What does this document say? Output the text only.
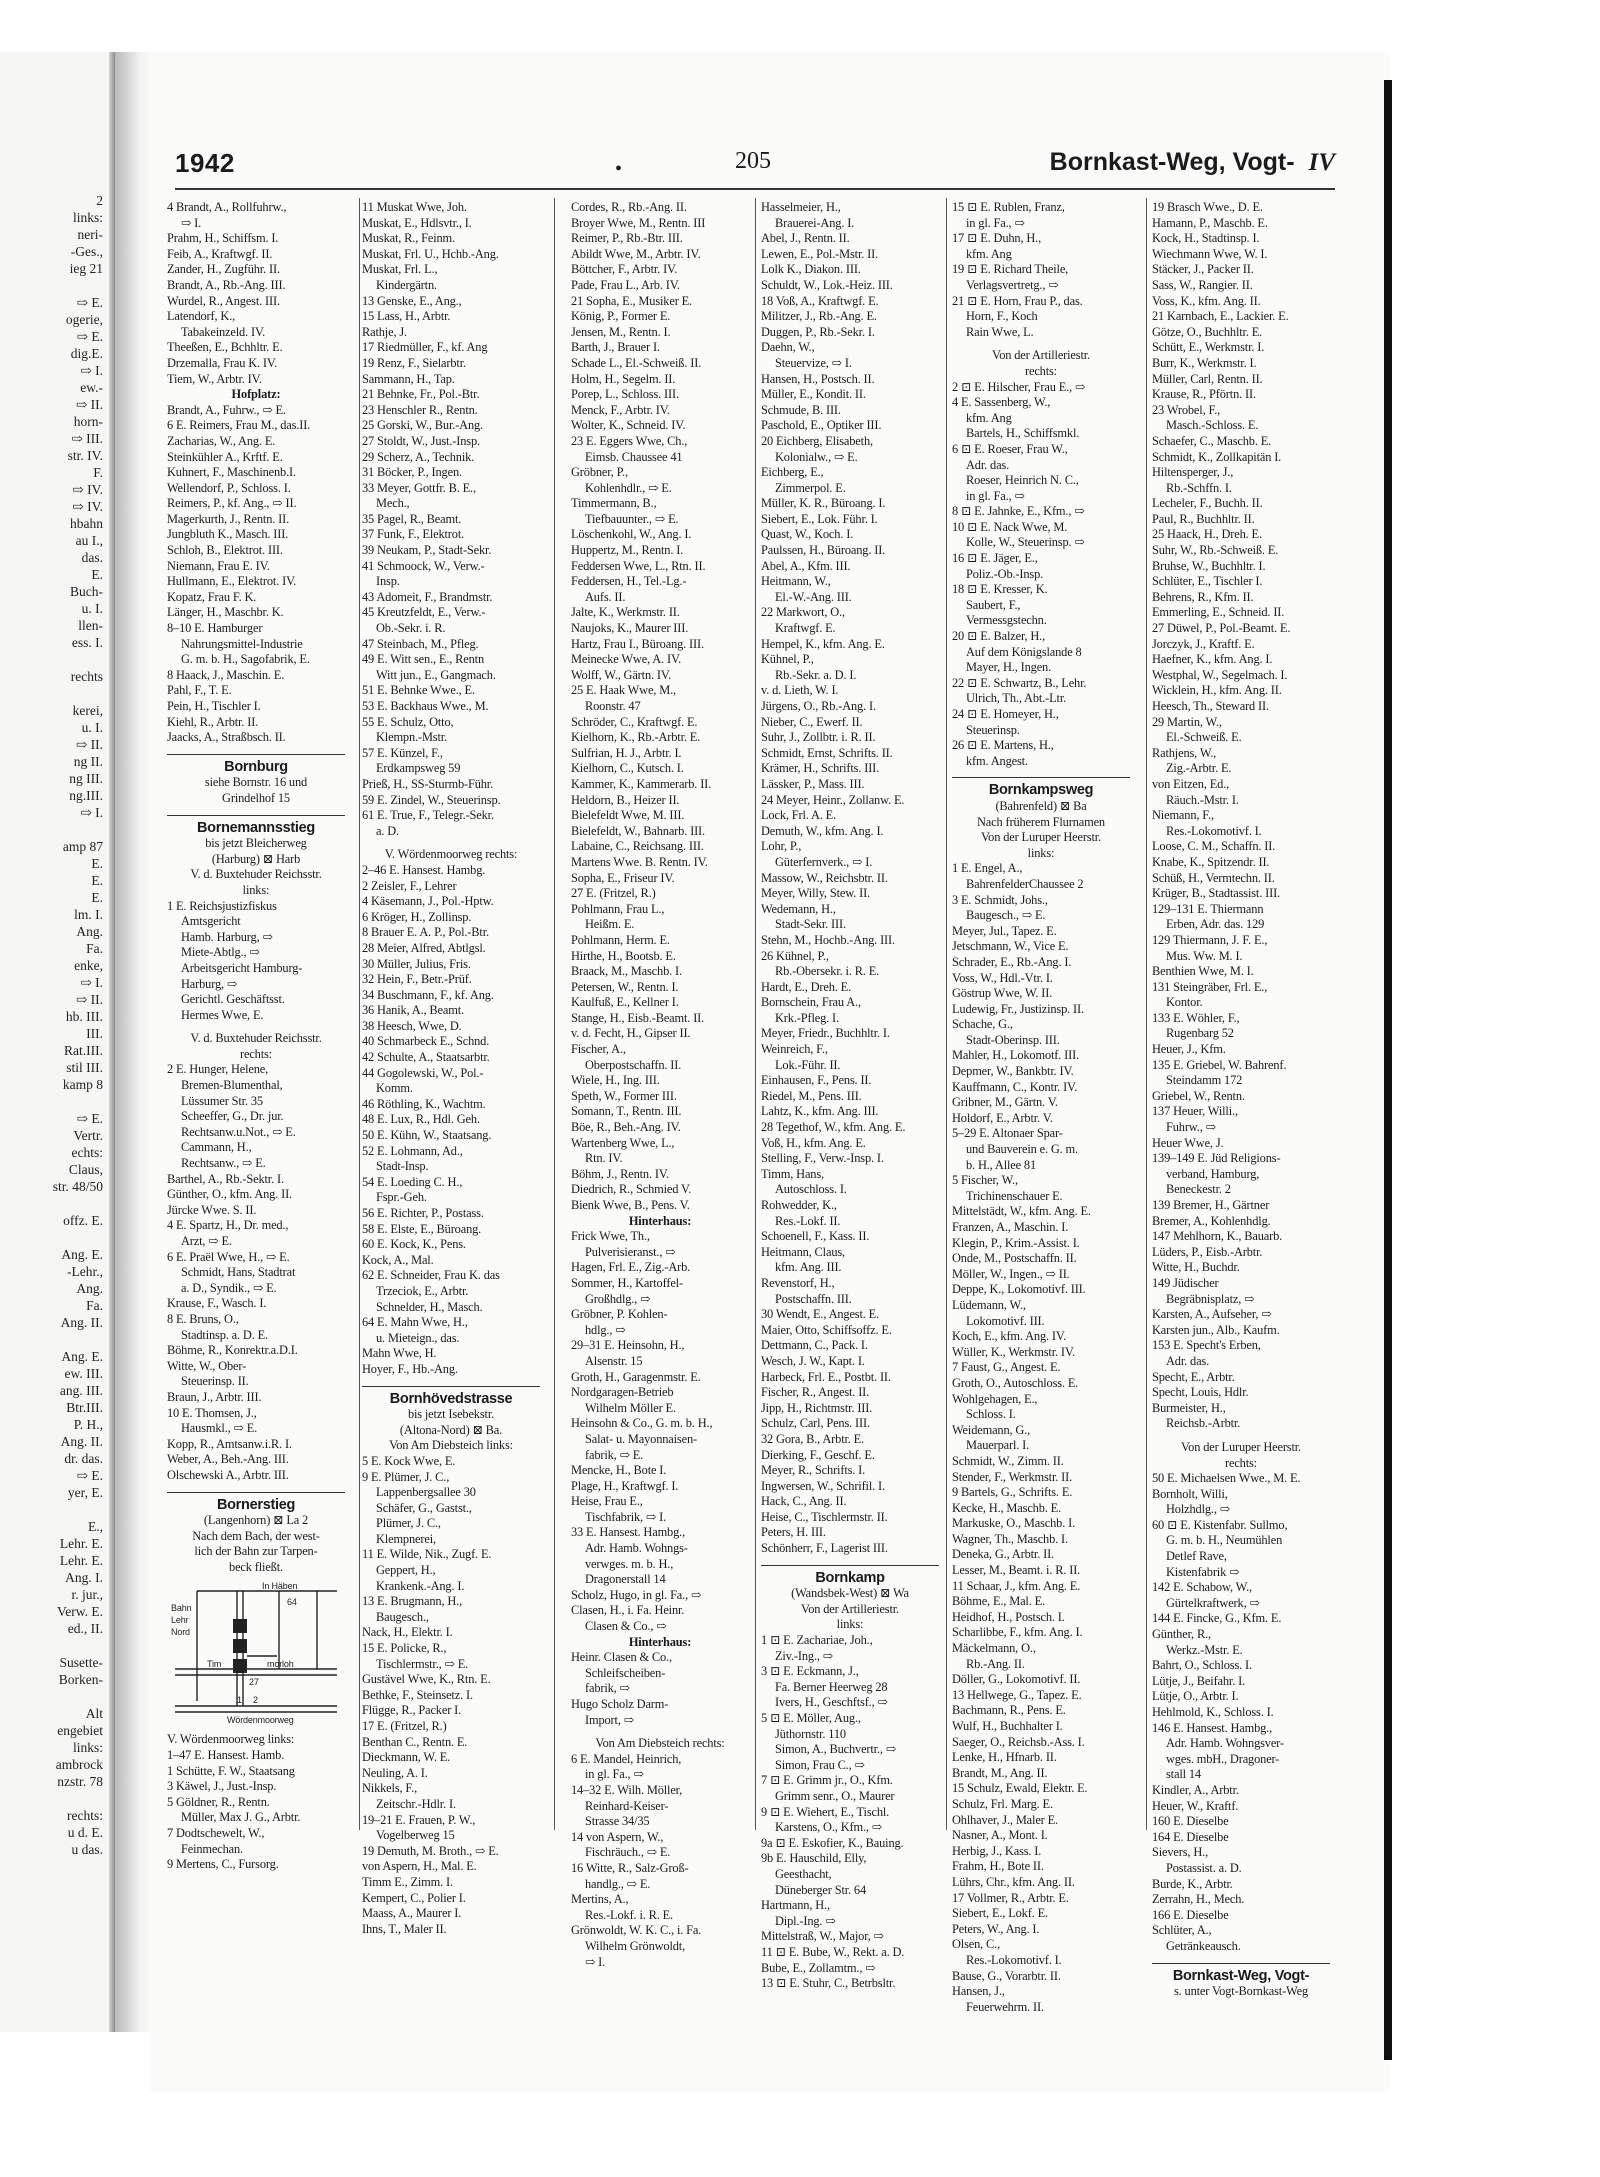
2
links:
neri-
-Ges.,
ieg 21
⇨ E.
ogerie,
⇨ E.
dig.E.
⇨ I.
ew.-
⇨ II.
horn-
⇨ III.
str. IV.
F.
⇨ IV.
⇨ IV.
hbahn
au I.,
das.
E.
Buch-
u. I.
llen-
ess. I.
rechts
kerei,
u. I.
⇨ II.
ng II.
ng III.
ng.III.
⇨ I.
amp 87
E.
E.
E.
lm. I.
Ang.
Fa.
enke,
⇨ I.
⇨ II.
hb. III.
III.
Rat.III.
stil III.
kamp 8
⇨ E.
Vertr.
echts:
Claus,
str. 48/50
offz. E.
Ang. E.
-Lehr.,
Ang.
Fa.
Ang. II.
Ang. E.
ew. III.
ang. III.
Btr.III.
P. H.,
Ang. II.
dr. das.
⇨ E.
yer, E.
E.,
Lehr. E.
Lehr. E.
Ang. I.
r. jur.,
Verw. E.
ed., II.
Susette-
Borken-
Alt
engebiet
links:
ambrock
nzstr. 78
rechts:
u d. E.
u das.
1942	•	205	Bornkast-Weg, Vogt- IV
4 Brandt, A., Rollfuhrw.,
⇨ I.
Prahm, H., Schiffsm. I.
Feib, A., Kraftwgf. II.
Zander, H., Zugführ. II.
Brandt, A., Rb.-Ang. III.
Wurdel, R., Angest. III.
Latendorf, K.,
Tabakeinzeld. IV.
Theeßen, E., Bchhltr. E.
Drzemalla, Frau K. IV.
Tiem, W., Arbtr. IV.
Hofplatz:
Brandt, A., Fuhrw., ⇨ E.
6 E. Reimers, Frau M., das.II.
Zacharias, W., Ang. E.
Steinkühler A., Krftf. E.
Kuhnert, F., Maschinenb.I.
Wellendorf, P., Schloss. I.
Reimers, P., kf. Ang., ⇨ II.
Magerkurth, J., Rentn. II.
Jungbluth K., Masch. III.
Schloh, B., Elektrot. III.
Niemann, Frau E. IV.
Hullmann, E., Elektrot. IV.
Kopatz, Frau F. K.
Länger, H., Maschbr. K.
8–10 E. Hamburger
Nahrungsmittel-Industrie
G. m. b. H., Sagofabrik, E.
8 Haack, J., Maschin. E.
Pahl, F., T. E.
Pein, H., Tischler I.
Kiehl, R., Arbtr. II.
Jaacks, A., Straßbsch. II.
Bornburg
siehe Bornstr. 16 und
Grindelhof 15
Bornemannsstieg
bis jetzt Bleicherweg
(Harburg) ⊠ Harb
V. d. Buxtehuder Reichsstr.
links:
1 E. Reichsjustizfiskus
Amtsgericht
Hamb. Harburg, ⇨
Miete-Abtlg., ⇨
Arbeitsgericht Hamburg-
Harburg, ⇨
Gerichtl. Geschäftsst.
Hermes Wwe, E.
V. d. Buxtehuder Reichsstr.
rechts:
2 E. Hunger, Helene,
Bremen-Blumenthal,
Lüssumer Str. 35
Scheeffer, G., Dr. jur.
Rechtsanw.u.Not., ⇨ E.
Cammann, H.,
Rechtsanw., ⇨ E.
Barthel, A., Rb.-Sektr. I.
Günther, O., kfm. Ang. II.
Jürcke Wwe. S. II.
4 E. Spartz, H., Dr. med.,
Arzt, ⇨ E.
6 E. Praël Wwe, H., ⇨ E.
Schmidt, Hans, Stadtrat
a. D., Syndik., ⇨ E.
Krause, F., Wasch. I.
8 E. Bruns, O.,
Stadtinsp. a. D. E.
Böhme, R., Konrektr.a.D.I.
Witte, W., Ober-
Steuerinsp. II.
Braun, J., Arbtr. III.
10 E. Thomsen, J.,
Hausmkl., ⇨ E.
Kopp, R., Amtsanw.i.R. I.
Weber, A., Beh.-Ang. III.
Olschewski A., Arbtr. III.
Bornerstieg
(Langenhorn) ⊠ La 2
Nach dem Bach, der west-
lich der Bahn zur Tarpen-
beck fließt.
In Häben
Bahn
Lehr
Nord
Tim	morloh
Wördenmoorweg
64
27
2
1
V. Wördenmoorweg links:
1–47 E. Hansest. Hamb.
1 Schütte, F. W., Staatsang
3 Käwel, J., Just.-Insp.
5 Göldner, R., Rentn.
Müller, Max J. G., Arbtr.
7 Dodtschewelt, W.,
Feinmechan.
9 Mertens, C., Fursorg.
11 Muskat Wwe, Joh.
Muskat, E., Hdlsvtr., I.
Muskat, R., Feinm.
Muskat, Frl. U., Hchb.-Ang.
Muskat, Frl. L.,
Kindergärtn.
13 Genske, E., Ang.,
15 Lass, H., Arbtr.
Rathje, J.
17 Riedmüller, F., kf. Ang
19 Renz, F., Sielarbtr.
Sammann, H., Tap.
21 Behnke, Fr., Pol.-Btr.
23 Henschler R., Rentn.
25 Gorski, W., Bur.-Ang.
27 Stoldt, W., Just.-Insp.
29 Scherz, A., Technik.
31 Böcker, P., Ingen.
33 Meyer, Gottfr. B. E.,
Mech.,
35 Pagel, R., Beamt.
37 Funk, F., Elektrot.
39 Neukam, P., Stadt-Sekr.
41 Schmoock, W., Verw.-
Insp.
43 Adomeit, F., Brandmstr.
45 Kreutzfeldt, E., Verw.-
Ob.-Sekr. i. R.
47 Steinbach, M., Pfleg.
49 E. Witt sen., E., Rentn
Witt jun., E., Gangmach.
51 E. Behnke Wwe., E.
53 E. Backhaus Wwe., M.
55 E. Schulz, Otto,
Klempn.-Mstr.
57 E. Künzel, F.,
Erdkampsweg 59
Prieß, H., SS-Sturmb-Führ.
59 E. Zindel, W., Steuerinsp.
61 E. True, F., Telegr.-Sekr.
a. D.
V. Wördenmoorweg rechts:
2–46 E. Hansest. Hambg.
2 Zeisler, F., Lehrer
4 Käsemann, J., Pol.-Hptw.
6 Kröger, H., Zollinsp.
8 Brauer E. A. P., Pol.-Btr.
28 Meier, Alfred, Abtlgsl.
30 Müller, Julius, Fris.
32 Hein, F., Betr.-Prüf.
34 Buschmann, F., kf. Ang.
36 Hanik, A., Beamt.
38 Heesch, Wwe, D.
40 Schmarbeck E., Schnd.
42 Schulte, A., Staatsarbtr.
44 Gogolewski, W., Pol.-
Komm.
46 Röthling, K., Wachtm.
48 E. Lux, R., Hdl. Geh.
50 E. Kühn, W., Staatsang.
52 E. Lohmann, Ad.,
Stadt-Insp.
54 E. Loeding C. H.,
Fspr.-Geh.
56 E. Richter, P., Postass.
58 E. Elste, E., Büroang.
60 E. Kock, K., Pens.
Kock, A., Mal.
62 E. Schneider, Frau K. das
Trzeciok, E., Arbtr.
Schnelder, H., Masch.
64 E. Mahn Wwe, H.,
u. Mieteign., das.
Mahn Wwe, H.
Hoyer, F., Hb.-Ang.
Bornhövedstrasse
bis jetzt Isebekstr.
(Altona-Nord) ⊠ Ba.
Von Am Diebsteich links:
5 E. Kock Wwe, E.
9 E. Plümer, J. C.,
Lappenbergsallee 30
Schäfer, G., Gastst.,
Plümer, J. C.,
Klempnerei,
11 E. Wilde, Nik., Zugf. E.
Geppert, H.,
Krankenk.-Ang. I.
13 E. Brugmann, H.,
Baugesch.,
Nack, H., Elektr. I.
15 E. Policke, R.,
Tischlermstr., ⇨ E.
Gustävel Wwe, K., Rtn. E.
Bethke, F., Steinsetz. I.
Flügge, R., Packer I.
17 E. (Fritzel, R.)
Benthan C., Rentn. E.
Dieckmann, W. E.
Neuling, A. I.
Nikkels, F.,
Zeitschr.-Hdlr. I.
19–21 E. Frauen, P. W.,
Vogelberweg 15
19 Demuth, M. Broth., ⇨ E.
von Aspern, H., Mal. E.
Timm E., Zimm. I.
Kempert, C., Polier I.
Maass, A., Maurer I.
Ihns, T., Maler II.
Cordes, R., Rb.-Ang. II.
Broyer Wwe, M., Rentn. III
Reimer, P., Rb.-Btr. III.
Abildt Wwe, M., Arbtr. IV.
Böttcher, F., Arbtr. IV.
Pade, Frau L., Arb. IV.
21 Sopha, E., Musiker E.
König, P., Former E.
Jensen, M., Rentn. I.
Barth, J., Brauer I.
Schade L., El.-Schweiß. II.
Holm, H., Segelm. II.
Porep, L., Schloss. III.
Menck, F., Arbtr. IV.
Wolter, K., Schneid. IV.
23 E. Eggers Wwe, Ch.,
Eimsb. Chaussee 41
Gröbner, P.,
Kohlenhdlr., ⇨ E.
Timmermann, B.,
Tiefbauunter., ⇨ E.
Löschenkohl, W., Ang. I.
Huppertz, M., Rentn. I.
Feddersen Wwe, L., Rtn. II.
Feddersen, H., Tel.-Lg.-
Aufs. II.
Jalte, K., Werkmstr. II.
Naujoks, K., Maurer III.
Hartz, Frau I., Büroang. III.
Meinecke Wwe, A. IV.
Wolff, W., Gärtn. IV.
25 E. Haak Wwe, M.,
Roonstr. 47
Schröder, C., Kraftwgf. E.
Kielhorn, K., Rb.-Arbtr. E.
Sulfrian, H. J., Arbtr. I.
Kielhorn, C., Kutsch. I.
Kammer, K., Kammerarb. II.
Heldorn, B., Heizer II.
Bielefeldt Wwe, M. III.
Bielefeldt, W., Bahnarb. III.
Labaine, C., Reichsang. III.
Martens Wwe. B. Rentn. IV.
Sopha, E., Friseur IV.
27 E. (Fritzel, R.)
Pohlmann, Frau L.,
Heißm. E.
Pohlmann, Herm. E.
Hirthe, H., Bootsb. E.
Braack, M., Maschb. I.
Petersen, W., Rentn. I.
Kaulfuß, E., Kellner I.
Stange, H., Eisb.-Beamt. II.
v. d. Fecht, H., Gipser II.
Fischer, A.,
Oberpostschaffn. II.
Wiele, H., Ing. III.
Speth, W., Former III.
Somann, T., Rentn. III.
Böe, R., Beh.-Ang. IV.
Wartenberg Wwe, L.,
Rtn. IV.
Böhm, J., Rentn. IV.
Diedrich, R., Schmied V.
Bienk Wwe, B., Pens. V.
Hinterhaus:
Frick Wwe, Th.,
Pulverisieranst., ⇨
Hagen, Frl. E., Zig.-Arb.
Sommer, H., Kartoffel-
Großhdlg., ⇨
Gröbner, P. Kohlen-
hdlg., ⇨
29–31 E. Heinsohn, H.,
Alsenstr. 15
Groth, H., Garagenmstr. E.
Nordgaragen-Betrieb
Wilhelm Möller E.
Heinsohn & Co., G. m. b. H.,
Salat- u. Mayonnaisen-
fabrik, ⇨ E.
Mencke, H., Bote I.
Plage, H., Kraftwgf. I.
Heise, Frau E.,
Tischfabrik, ⇨ I.
33 E. Hansest. Hambg.,
Adr. Hamb. Wohngs-
verwges. m. b. H.,
Dragonerstall 14
Scholz, Hugo, in gl. Fa., ⇨
Clasen, H., i. Fa. Heinr.
Clasen & Co., ⇨
Hinterhaus:
Heinr. Clasen & Co.,
Schleifscheiben-
fabrik, ⇨
Hugo Scholz Darm-
Import, ⇨
Von Am Diebsteich rechts:
6 E. Mandel, Heinrich,
in gl. Fa., ⇨
14–32 E. Wilh. Möller,
Reinhard-Keiser-
Strasse 34/35
14 von Aspern, W.,
Fischräuch., ⇨ E.
16 Witte, R., Salz-Groß-
handlg., ⇨ E.
Mertins, A.,
Res.-Lokf. i. R. E.
Grönwoldt, W. K. C., i. Fa.
Wilhelm Grönwoldt,
⇨ I.
Hasselmeier, H.,
Brauerei-Ang. I.
Abel, J., Rentn. II.
Lewen, E., Pol.-Mstr. II.
Lolk K., Diakon. III.
Schuldt, W., Lok.-Heiz. III.
18 Voß, A., Kraftwgf. E.
Militzer, J., Rb.-Ang. E.
Duggen, P., Rb.-Sekr. I.
Daehn, W.,
Steuervize, ⇨ I.
Hansen, H., Postsch. II.
Müller, E., Kondit. II.
Schmude, B. III.
Paschold, E., Optiker III.
20 Eichberg, Elisabeth,
Kolonialw., ⇨ E.
Eichberg, E.,
Zimmerpol. E.
Müller, K. R., Büroang. I.
Siebert, E., Lok. Führ. I.
Quast, W., Koch. I.
Paulssen, H., Büroang. II.
Abel, A., Kfm. III.
Heitmann, W.,
El.-W.-Ang. III.
22 Markwort, O.,
Kraftwgf. E.
Hempel, K., kfm. Ang. E.
Kühnel, P.,
Rb.-Sekr. a. D. I.
v. d. Lieth, W. I.
Jürgens, O., Rb.-Ang. I.
Nieber, C., Ewerf. II.
Suhr, J., Zollbtr. i. R. II.
Schmidt, Ernst, Schrifts. II.
Krämer, H., Schrifts. III.
Lässker, P., Mass. III.
24 Meyer, Heinr., Zollanw. E.
Lock, Frl. A. E.
Demuth, W., kfm. Ang. I.
Lohr, P.,
Güterfernverk., ⇨ I.
Massow, W., Reichsbtr. II.
Meyer, Willy, Stew. II.
Wedemann, H.,
Stadt-Sekr. III.
Stehn, M., Hochb.-Ang. III.
26 Kühnel, P.,
Rb.-Obersekr. i. R. E.
Hardt, E., Dreh. E.
Bornschein, Frau A.,
Krk.-Pfleg. I.
Meyer, Friedr., Buchhltr. I.
Weinreich, F.,
Lok.-Führ. II.
Einhausen, F., Pens. II.
Riedel, M., Pens. III.
Lahtz, K., kfm. Ang. III.
28 Tegethof, W., kfm. Ang. E.
Voß, H., kfm. Ang. E.
Stelling, F., Verw.-Insp. I.
Timm, Hans,
Autoschloss. I.
Rohwedder, K.,
Res.-Lokf. II.
Schoenell, F., Kass. II.
Heitmann, Claus,
kfm. Ang. III.
Revenstorf, H.,
Postschaffn. III.
30 Wendt, E., Angest. E.
Maier, Otto, Schiffsoffz. E.
Dettmann, C., Pack. I.
Wesch, J. W., Kapt. I.
Harbeck, Frl. E., Postbt. II.
Fischer, R., Angest. II.
Jipp, H., Richtmstr. III.
Schulz, Carl, Pens. III.
32 Gora, B., Arbtr. E.
Dierking, F., Geschf. E.
Meyer, R., Schrifts. I.
Ingwersen, W., Schrifil. I.
Hack, C., Ang. II.
Heise, C., Tischlermstr. II.
Peters, H. III.
Schönherr, F., Lagerist III.
Bornkamp
(Wandsbek-West) ⊠ Wa
Von der Artilleriestr.
links:
1 ⊡ E. Zachariae, Joh.,
Ziv.-Ing., ⇨
3 ⊡ E. Eckmann, J.,
Fa. Berner Heerweg 28
Ivers, H., Geschftsf., ⇨
5 ⊡ E. Möller, Aug.,
Jüthornstr. 110
Simon, A., Buchvertr., ⇨
Simon, Frau C., ⇨
7 ⊡ E. Grimm jr., O., Kfm.
Grimm senr., O., Maurer
9 ⊡ E. Wiehert, E., Tischl.
Karstens, O., Kfm., ⇨
9a ⊡ E. Eskofier, K., Bauing.
9b E. Hauschild, Elly,
Geesthacht,
Düneberger Str. 64
Hartmann, H.,
Dipl.-Ing. ⇨
Mittelstraß, W., Major, ⇨
11 ⊡ E. Bube, W., Rekt. a. D.
Bube, E., Zollamtm., ⇨
13 ⊡ E. Stuhr, C., Betrbsltr.
15 ⊡ E. Rublen, Franz,
in gl. Fa., ⇨
17 ⊡ E. Duhn, H.,
kfm. Ang
19 ⊡ E. Richard Theile,
Verlagsvertretg., ⇨
21 ⊡ E. Horn, Frau P., das.
Horn, F., Koch
Rain Wwe, L.
Von der Artilleriestr.
rechts:
2 ⊡ E. Hilscher, Frau E., ⇨
4 E. Sassenberg, W.,
kfm. Ang
Bartels, H., Schiffsmkl.
6 ⊡ E. Roeser, Frau W.,
Adr. das.
Roeser, Heinrich N. C.,
in gl. Fa., ⇨
8 ⊡ E. Jahnke, E., Kfm., ⇨
10 ⊡ E. Nack Wwe, M.
Kolle, W., Steuerinsp. ⇨
16 ⊡ E. Jäger, E.,
Poliz.-Ob.-Insp.
18 ⊡ E. Kresser, K.
Saubert, F.,
Vermessgstechn.
20 ⊡ E. Balzer, H.,
Auf dem Königslande 8
Mayer, H., Ingen.
22 ⊡ E. Schwartz, B., Lehr.
Ulrich, Th., Abt.-Ltr.
24 ⊡ E. Homeyer, H.,
Steuerinsp.
26 ⊡ E. Martens, H.,
kfm. Angest.
Bornkampsweg
(Bahrenfeld) ⊠ Ba
Nach früherem Flurnamen
Von der Luruper Heerstr.
links:
1 E. Engel, A.,
BahrenfelderChaussee 2
3 E. Schmidt, Johs.,
Baugesch., ⇨ E.
Meyer, Jul., Tapez. E.
Jetschmann, W., Vice E.
Schrader, E., Rb.-Ang. I.
Voss, W., Hdl.-Vtr. I.
Göstrup Wwe, W. II.
Ludewig, Fr., Justizinsp. II.
Schache, G.,
Stadt-Oberinsp. III.
Mahler, H., Lokomotf. III.
Depmer, W., Bankbtr. IV.
Kauffmann, C., Kontr. IV.
Gribner, M., Gärtn. V.
Holdorf, E., Arbtr. V.
5–29 E. Altonaer Spar-
und Bauverein e. G. m.
b. H., Allee 81
5 Fischer, W.,
Trichinenschauer E.
Mittelstädt, W., kfm. Ang. E.
Franzen, A., Maschin. I.
Klegin, P., Krim.-Assist. I.
Onde, M., Postschaffn. II.
Möller, W., Ingen., ⇨ II.
Deppe, K., Lokomotivf. III.
Lüdemann, W.,
Lokomotivf. III.
Koch, E., kfm. Ang. IV.
Wüller, K., Werkmstr. IV.
7 Faust, G., Angest. E.
Groth, O., Autoschloss. E.
Wohlgehagen, E.,
Schloss. I.
Weidemann, G.,
Mauerparl. I.
Schmidt, W., Zimm. II.
Stender, F., Werkmstr. II.
9 Bartels, G., Schrifts. E.
Kecke, H., Maschb. E.
Markuske, O., Maschb. I.
Wagner, Th., Maschb. I.
Deneka, G., Arbtr. II.
Lesser, M., Beamt. i. R. II.
11 Schaar, J., kfm. Ang. E.
Böhme, E., Mal. E.
Heidhof, H., Postsch. I.
Scharlibbe, F., kfm. Ang. I.
Mäckelmann, O.,
Rb.-Ang. II.
Döller, G., Lokomotivf. II.
13 Hellwege, G., Tapez. E.
Bachmann, R., Pens. E.
Wulf, H., Buchhalter I.
Saeger, O., Reichsb.-Ass. I.
Lenke, H., Hfnarb. II.
Brandt, M., Ang. II.
15 Schulz, Ewald, Elektr. E.
Schulz, Frl. Marg. E.
Ohlhaver, J., Maler E.
Nasner, A., Mont. I.
Herbig, J., Kass. I.
Frahm, H., Bote II.
Lührs, Chr., kfm. Ang. II.
17 Vollmer, R., Arbtr. E.
Siebert, E., Lokf. E.
Peters, W., Ang. I.
Olsen, C.,
Res.-Lokomotivf. I.
Bause, G., Vorarbtr. II.
Hansen, J.,
Feuerwehrm. II.
19 Brasch Wwe., D. E.
Hamann, P., Maschb. E.
Kock, H., Stadtinsp. I.
Wiechmann Wwe, W. I.
Stäcker, J., Packer II.
Sass, W., Rangier. II.
Voss, K., kfm. Ang. II.
21 Karnbach, E., Lackier. E.
Götze, O., Buchhltr. E.
Schütt, E., Werkmstr. I.
Burr, K., Werkmstr. I.
Müller, Carl, Rentn. II.
Krause, R., Pförtn. II.
23 Wrobel, F.,
Masch.-Schloss. E.
Schaefer, C., Maschb. E.
Schmidt, K., Zollkapitän I.
Hiltensperger, J.,
Rb.-Schffn. I.
Lecheler, F., Buchh. II.
Paul, R., Buchhltr. II.
25 Haack, H., Dreh. E.
Suhr, W., Rb.-Schweiß. E.
Bruhse, W., Buchhltr. I.
Schlüter, E., Tischler I.
Behrens, R., Kfm. II.
Emmerling, E., Schneid. II.
27 Düwel, P., Pol.-Beamt. E.
Jorczyk, J., Kraftf. E.
Haefner, K., kfm. Ang. I.
Westphal, W., Segelmach. I.
Wicklein, H., kfm. Ang. II.
Heesch, Th., Steward II.
29 Martin, W.,
El.-Schweiß. E.
Rathjens, W.,
Zig.-Arbtr. E.
von Eitzen, Ed.,
Räuch.-Mstr. I.
Niemann, F.,
Res.-Lokomotivf. I.
Loose, C. M., Schaffn. II.
Knabe, K., Spitzendr. II.
Schüß, H., Vermtechn. II.
Krüger, B., Stadtassist. III.
129–131 E. Thiermann
Erben, Adr. das. 129
129 Thiermann, J. F. E.,
Mus. Ww. M. I.
Benthien Wwe, M. I.
131 Steingräber, Frl. E.,
Kontor.
133 E. Wöhler, F.,
Rugenbarg 52
Heuer, J., Kfm.
135 E. Griebel, W. Bahrenf.
Steindamm 172
Griebel, W., Rentn.
137 Heuer, Willi.,
Fuhrw., ⇨
Heuer Wwe, J.
139–149 E. Jüd Religions-
verband, Hamburg,
Beneckestr. 2
139 Bremer, H., Gärtner
Bremer, A., Kohlenhdlg.
147 Mehlhorn, K., Bauarb.
Lüders, P., Eisb.-Arbtr.
Witte, H., Buchdr.
149 Jüdischer
Begräbnisplatz, ⇨
Karsten, A., Aufseher, ⇨
Karsten jun., Alb., Kaufm.
153 E. Specht's Erben,
Adr. das.
Specht, E., Arbtr.
Specht, Louis, Hdlr.
Burmeister, H.,
Reichsb.-Arbtr.
Von der Luruper Heerstr.
rechts:
50 E. Michaelsen Wwe., M. E.
Bornholt, Willi,
Holzhdlg., ⇨
60 ⊡ E. Kistenfabr. Sullmo,
G. m. b. H., Neumühlen
Detlef Rave,
Kistenfabrik ⇨
142 E. Schabow, W.,
Gürtelkraftwerk, ⇨
144 E. Fincke, G., Kfm. E.
Günther, R.,
Werkz.-Mstr. E.
Bahrt, O., Schloss. I.
Lütje, J., Beifahr. I.
Lütje, O., Arbtr. I.
Hehlmold, K., Schloss. I.
146 E. Hansest. Hambg.,
Adr. Hamb. Wohngsver-
wges. mbH., Dragoner-
stall 14
Kindler, A., Arbtr.
Heuer, W., Kraftf.
160 E. Dieselbe
164 E. Dieselbe
Sievers, H.,
Postassist. a. D.
Burde, K., Arbtr.
Zerrahn, H., Mech.
166 E. Dieselbe
Schlüter, A.,
Getränkeausch.
Bornkast-Weg, Vogt-
s. unter Vogt-Bornkast-Weg
